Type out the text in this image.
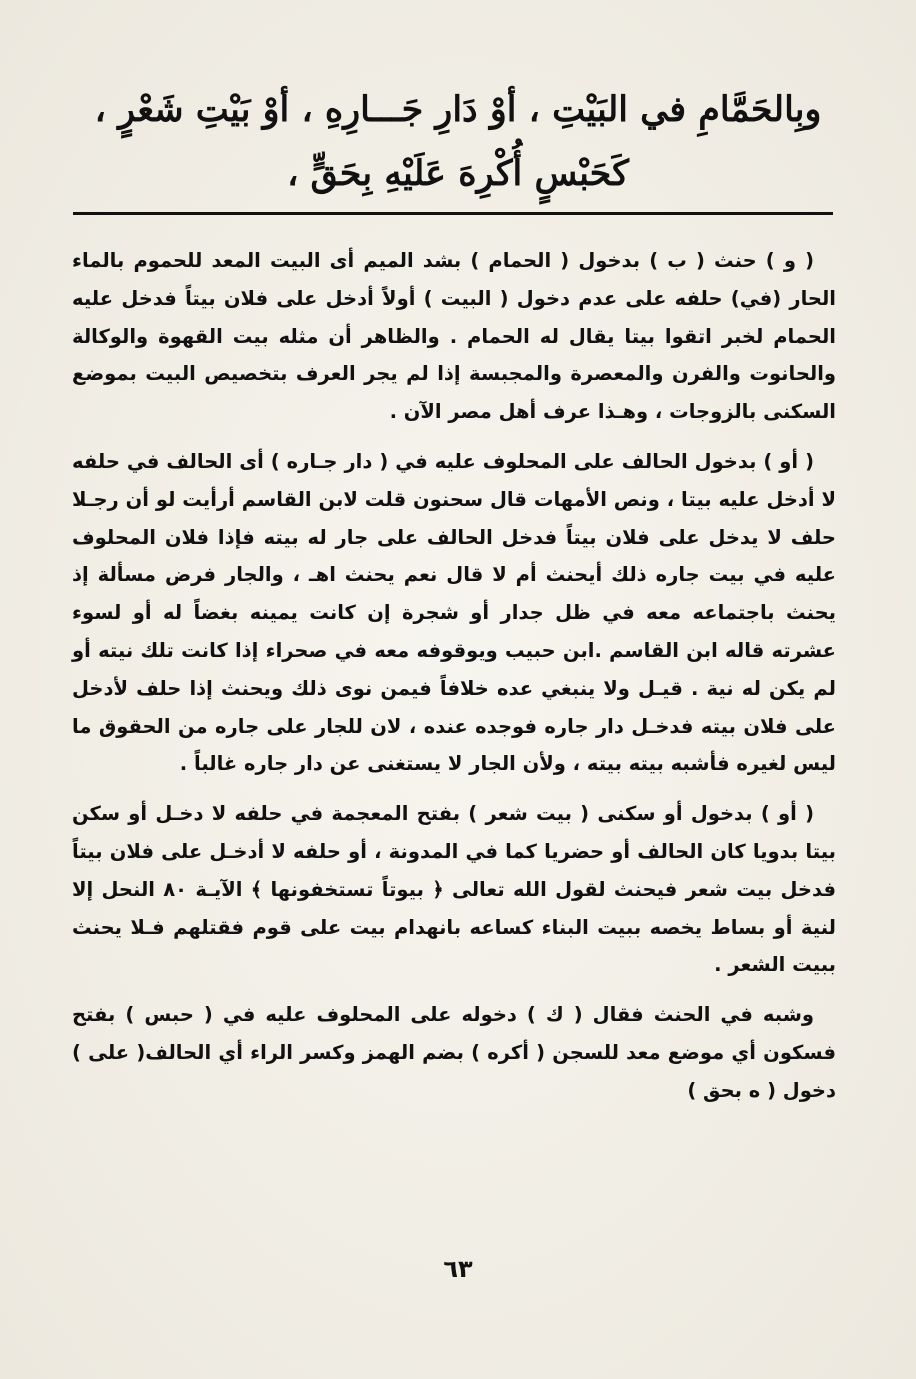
وبِالحَمَّامِ في البَيْتِ ، أوْ دَارِ جَـــارِهِ ، أوْ بَيْتِ شَعْرٍ ،
كَحَبْسٍ أُكْرِهَ عَلَيْهِ بِحَقٍّ ،

( و ) حنث ( ب ) بدخول ( الحمام ) بشد الميم أى البيت المعد للحموم بالماء الحار (في) حلفه على عدم دخول ( البيت ) أولاً أدخل على فلان بيتاً فدخل عليه الحمام لخبر اتقوا بيتا يقال له الحمام . والظاهر أن مثله بيت القهوة والوكالة والحانوت والفرن والمعصرة والمجبسة إذا لم يجر العرف بتخصيص البيت بموضع السكنى بالزوجات ، وهـذا عرف أهل مصر الآن .

( أو ) بدخول الحالف على المحلوف عليه في ( دار جـاره ) أى الحالف في حلفه لا أدخل عليه بيتا ، ونص الأمهات قال سحنون قلت لابن القاسم أرأيت لو أن رجـلا حلف لا يدخل على فلان بيتاً فدخل الحالف على جار له بيته فإذا فلان المحلوف عليه في بيت جاره ذلك أيحنث أم لا قال نعم يحنث اهـ ، والجار فرض مسألة إذ يحنث باجتماعه معه في ظل جدار أو شجرة إن كانت يمينه بغضاً له أو لسوء عشرته قاله ابن القاسم .ابن حبيب ويوقوفه معه في صحراء إذا كانت تلك نيته أو لم يكن له نية . قيـل ولا ينبغي عده خلافاً فيمن نوى ذلك ويحنث إذا حلف لأدخل على فلان بيته فدخـل دار جاره فوجده عنده ، لان للجار على جاره من الحقوق ما ليس لغيره فأشبه بيته بيته ، ولأن الجار لا يستغنى عن دار جاره غالباً .

( أو ) بدخول أو سكنى ( بيت شعر ) بفتح المعجمة في حلفه لا دخـل أو سكن بيتا بدويا كان الحالف أو حضريا كما في المدونة ، أو حلفه لا أدخـل على فلان بيتاً فدخل بيت شعر فيحنث لقول الله تعالى ﴿ بيوتاً تستخفونها ﴾ الآيـة ٨٠ النحل إلا لنية أو بساط يخصه ببيت البناء كساعه بانهدام بيت على قوم فقتلهم فـلا يحنث ببيت الشعر .

وشبه في الحنث فقال ( ك ) دخوله على المحلوف عليه في ( حبس ) بفتح فسكون أي موضع معد للسجن ( أكره ) بضم الهمز وكسر الراء أي الحالف( على ) دخول ( ه بحق )

٦٣
